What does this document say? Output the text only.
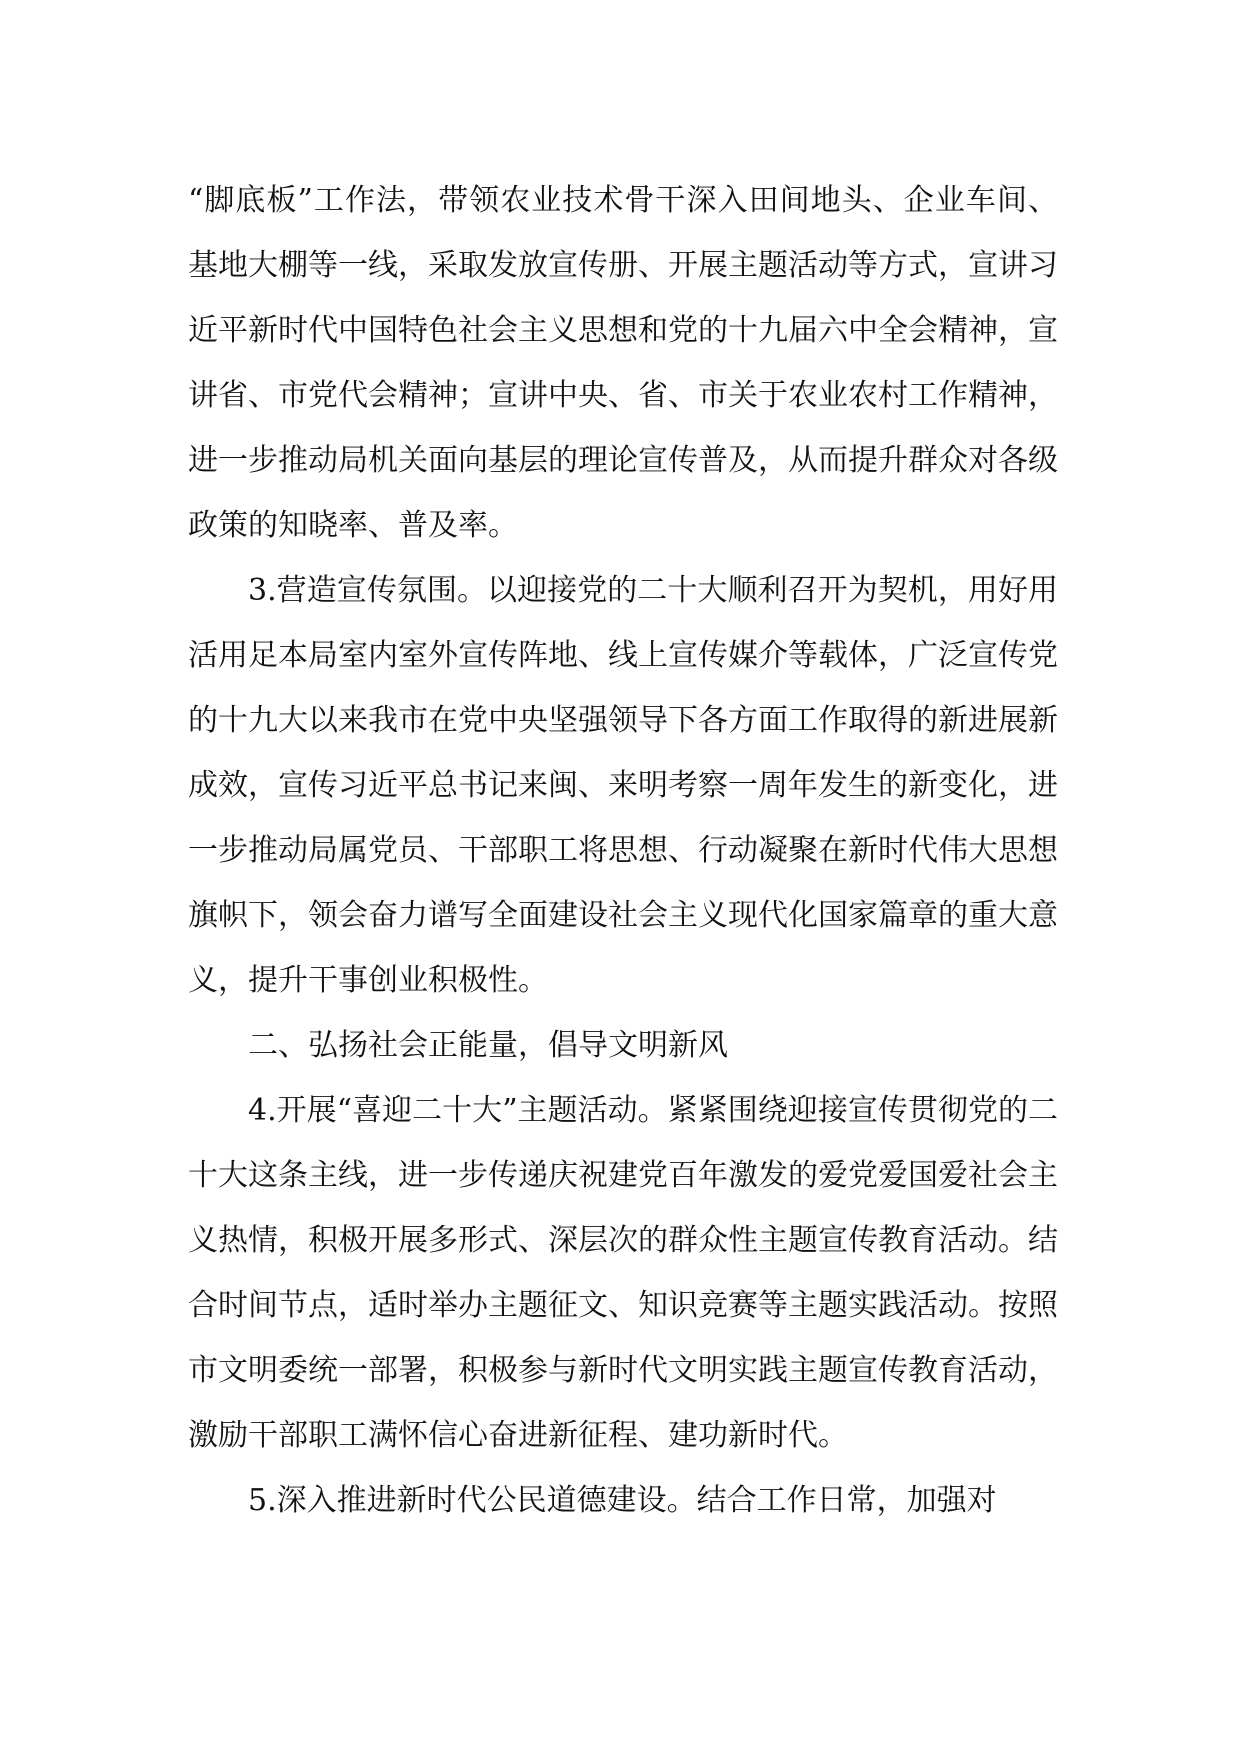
“脚底板”工作法，带领农业技术骨干深入田间地头、企业车间、基地大棚等一线，采取发放宣传册、开展主题活动等方式，宣讲习近平新时代中国特色社会主义思想和党的十九届六中全会精神，宣讲省、市党代会精神；宣讲中央、省、市关于农业农村工作精神，进一步推动局机关面向基层的理论宣传普及，从而提升群众对各级政策的知晓率、普及率。

3.营造宣传氛围。以迎接党的二十大顺利召开为契机，用好用活用足本局室内室外宣传阵地、线上宣传媒介等载体，广泛宣传党的十九大以来我市在党中央坚强领导下各方面工作取得的新进展新成效，宣传习近平总书记来闽、来明考察一周年发生的新变化，进一步推动局属党员、干部职工将思想、行动凝聚在新时代伟大思想旗帜下，领会奋力谱写全面建设社会主义现代化国家篇章的重大意义，提升干事创业积极性。

二、弘扬社会正能量，倡导文明新风

4.开展“喜迎二十大”主题活动。紧紧围绕迎接宣传贯彻党的二十大这条主线，进一步传递庆祝建党百年激发的爱党爱国爱社会主义热情，积极开展多形式、深层次的群众性主题宣传教育活动。结合时间节点，适时举办主题征文、知识竞赛等主题实践活动。按照市文明委统一部署，积极参与新时代文明实践主题宣传教育活动，激励干部职工满怀信心奋进新征程、建功新时代。

5.深入推进新时代公民道德建设。结合工作日常，加强对
